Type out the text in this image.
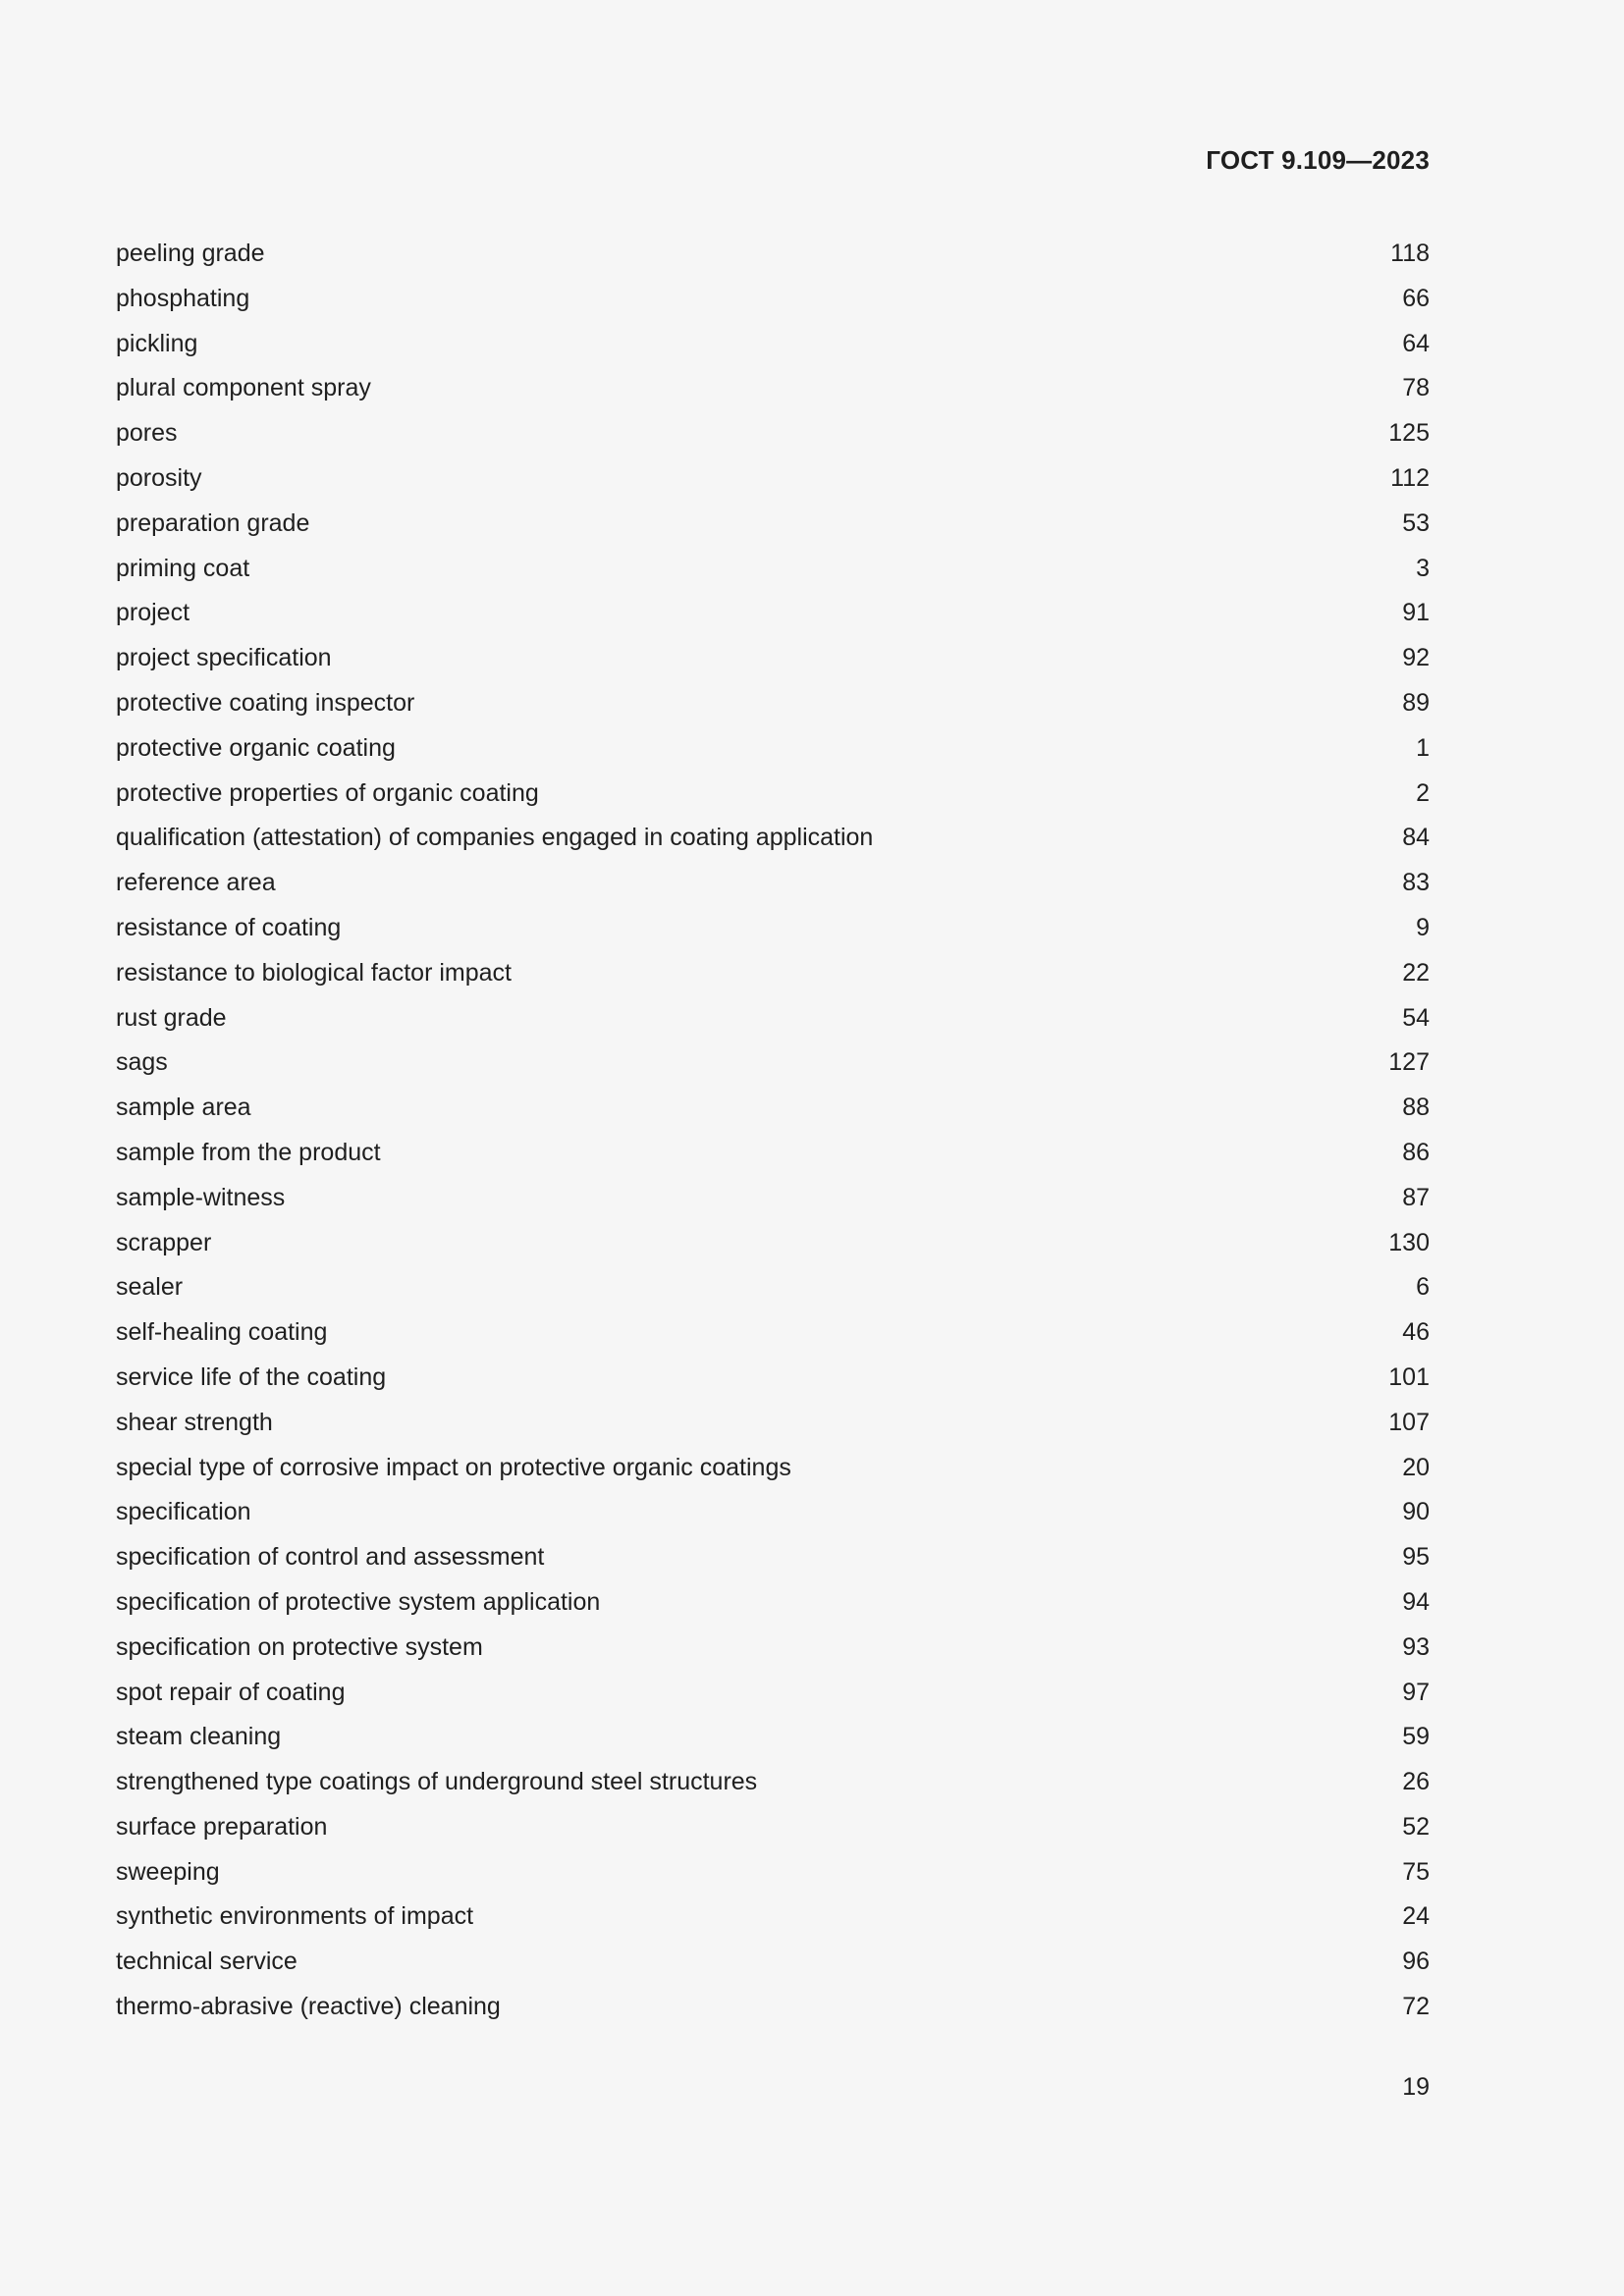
ГОСТ 9.109—2023
peeling grade	118
phosphating	66
pickling	64
plural component spray	78
pores	125
porosity	112
preparation grade	53
priming coat	3
project	91
project specification	92
protective coating inspector	89
protective organic coating	1
protective properties of organic coating	2
qualification (attestation) of companies engaged in coating application	84
reference area	83
resistance of coating	9
resistance to biological factor impact	22
rust grade	54
sags	127
sample area	88
sample from the product	86
sample-witness	87
scrapper	130
sealer	6
self-healing coating	46
service life of the coating	101
shear strength	107
special type of corrosive impact on protective organic coatings	20
specification	90
specification of control and assessment	95
specification of protective system application	94
specification on protective system	93
spot repair of coating	97
steam cleaning	59
strengthened type coatings of underground steel structures	26
surface preparation	52
sweeping	75
synthetic environments of impact	24
technical service	96
thermo-abrasive (reactive) cleaning	72
19
